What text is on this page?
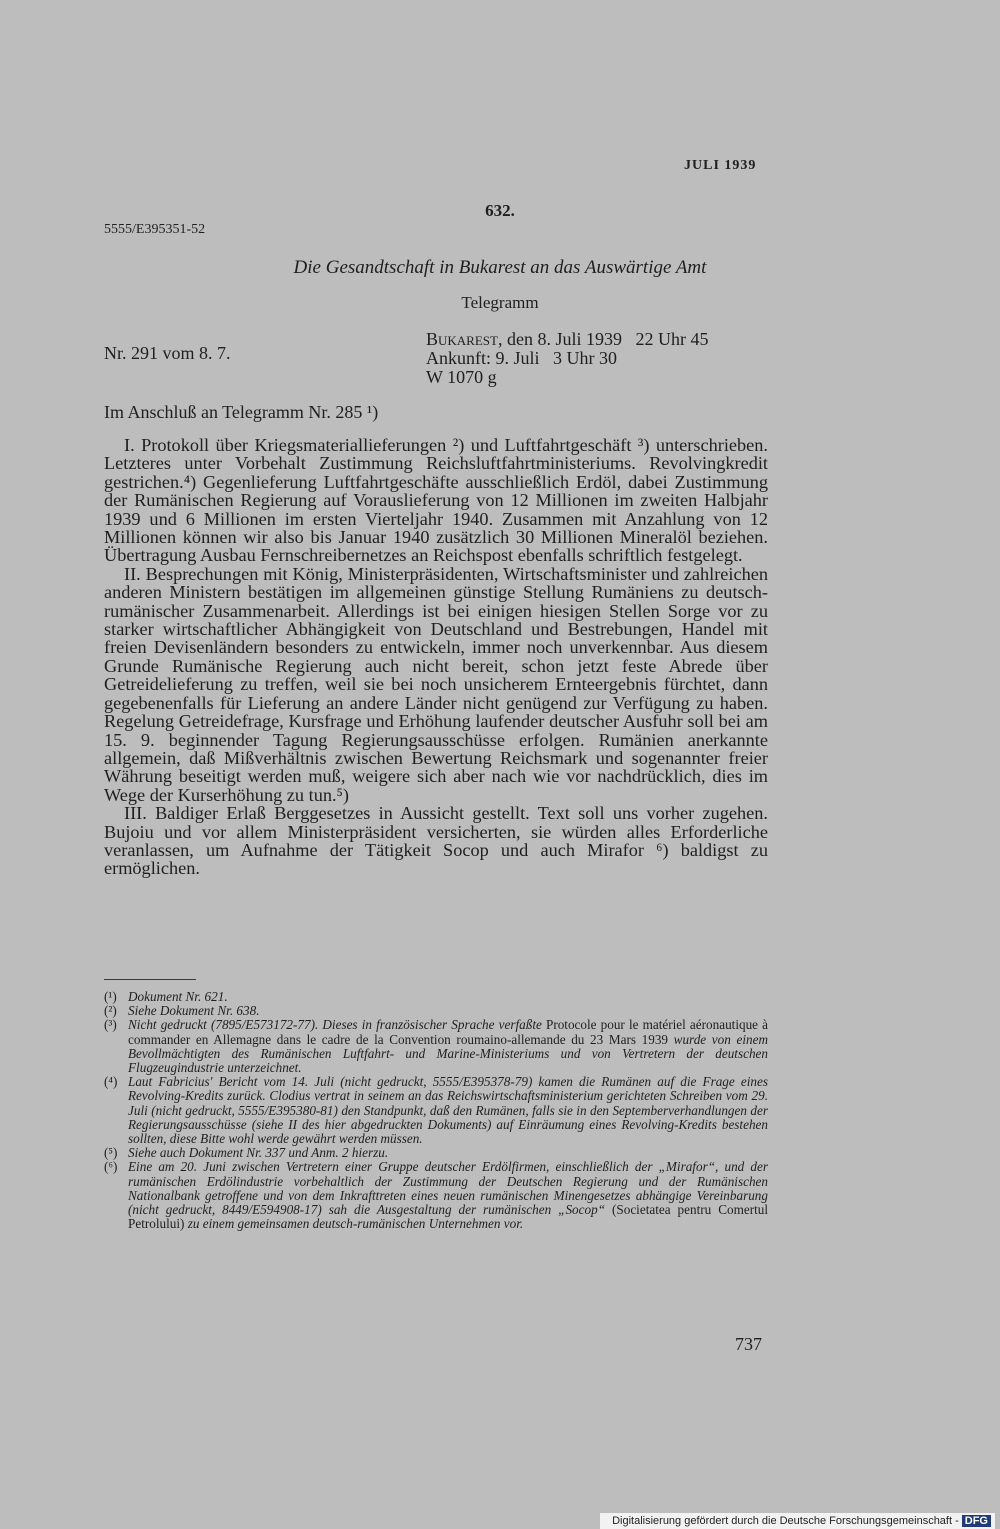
JULI 1939
632.
5555/E395351-52
Die Gesandtschaft in Bukarest an das Auswärtige Amt
Telegramm
Nr. 291 vom 8. 7.
Bukarest, den 8. Juli 1939   22 Uhr 45
Ankunft: 9. Juli   3 Uhr 30
W 1070 g
Im Anschluß an Telegramm Nr. 285 ¹)

I. Protokoll über Kriegsmateriallieferungen ²) und Luftfahrtgeschäft ³) unterschrieben. Letzteres unter Vorbehalt Zustimmung Reichsluftfahrtministeriums. Revolvingkredit gestrichen.⁴) Gegenlieferung Luftfahrtgeschäfte ausschließlich Erdöl, dabei Zustimmung der Rumänischen Regierung auf Vorauslieferung von 12 Millionen im zweiten Halbjahr 1939 und 6 Millionen im ersten Vierteljahr 1940. Zusammen mit Anzahlung von 12 Millionen können wir also bis Januar 1940 zusätzlich 30 Millionen Mineralöl beziehen. Übertragung Ausbau Fernschreibernetzes an Reichspost ebenfalls schriftlich festgelegt.

II. Besprechungen mit König, Ministerpräsidenten, Wirtschaftsminister und zahlreichen anderen Ministern bestätigen im allgemeinen günstige Stellung Rumäniens zu deutsch-rumänischer Zusammenarbeit. Allerdings ist bei einigen hiesigen Stellen Sorge vor zu starker wirtschaftlicher Abhängigkeit von Deutschland und Bestrebungen, Handel mit freien Devisenländern besonders zu entwickeln, immer noch unverkennbar. Aus diesem Grunde Rumänische Regierung auch nicht bereit, schon jetzt feste Abrede über Getreidelieferung zu treffen, weil sie bei noch unsicherem Ernteergebnis fürchtet, dann gegebenenfalls für Lieferung an andere Länder nicht genügend zur Verfügung zu haben. Regelung Getreidefrage, Kursfrage und Erhöhung laufender deutscher Ausfuhr soll bei am 15. 9. beginnender Tagung Regierungsausschüsse erfolgen. Rumänien anerkannte allgemein, daß Mißverhältnis zwischen Bewertung Reichsmark und sogenannter freier Währung beseitigt werden muß, weigere sich aber nach wie vor nachdrücklich, dies im Wege der Kurserhöhung zu tun.⁵)

III. Baldiger Erlaß Berggesetzes in Aussicht gestellt. Text soll uns vorher zugehen. Bujoiu und vor allem Ministerpräsident versicherten, sie würden alles Erforderliche veranlassen, um Aufnahme der Tätigkeit Socop und auch Mirafor ⁶) baldigst zu ermöglichen.

(¹) Dokument Nr. 621.
(²) Siehe Dokument Nr. 638.
(³) Nicht gedruckt (7895/E573172-77). Dieses in französischer Sprache verfaßte Protocole pour le matériel aéronautique à commander en Allemagne dans le cadre de la Convention roumaino-allemande du 23 Mars 1939 wurde von einem Bevollmächtigten des Rumänischen Luftfahrt- und Marine-Ministeriums und von Vertretern der deutschen Flugzeugindustrie unterzeichnet.
(⁴) Laut Fabricius' Bericht vom 14. Juli (nicht gedruckt, 5555/E395378-79) kamen die Rumänen auf die Frage eines Revolving-Kredits zurück. Clodius vertrat in seinem an das Reichswirtschaftsministerium gerichteten Schreiben vom 29. Juli (nicht gedruckt, 5555/E395380-81) den Standpunkt, daß den Rumänen, falls sie in den Septemberverhandlungen der Regierungsausschüsse (siehe II des hier abgedruckten Dokuments) auf Einräumung eines Revolving-Kredits bestehen sollten, diese Bitte wohl werde gewährt werden müssen.
(⁵) Siehe auch Dokument Nr. 337 und Anm. 2 hierzu.
(⁶) Eine am 20. Juni zwischen Vertretern einer Gruppe deutscher Erdölfirmen, einschließlich der „Mirafor“, und der rumänischen Erdölindustrie vorbehaltlich der Zustimmung der Deutschen Regierung und der Rumänischen Nationalbank getroffene und von dem Inkrafttreten eines neuen rumänischen Minengesetzes abhängige Vereinbarung (nicht gedruckt, 8449/E594908-17) sah die Ausgestaltung der rumänischen „Socop“ (Societatea pentru Comertul Petrolului) zu einem gemeinsamen deutsch-rumänischen Unternehmen vor.
737
Digitalisierung gefördert durch die Deutsche Forschungsgemeinschaft - DFG
